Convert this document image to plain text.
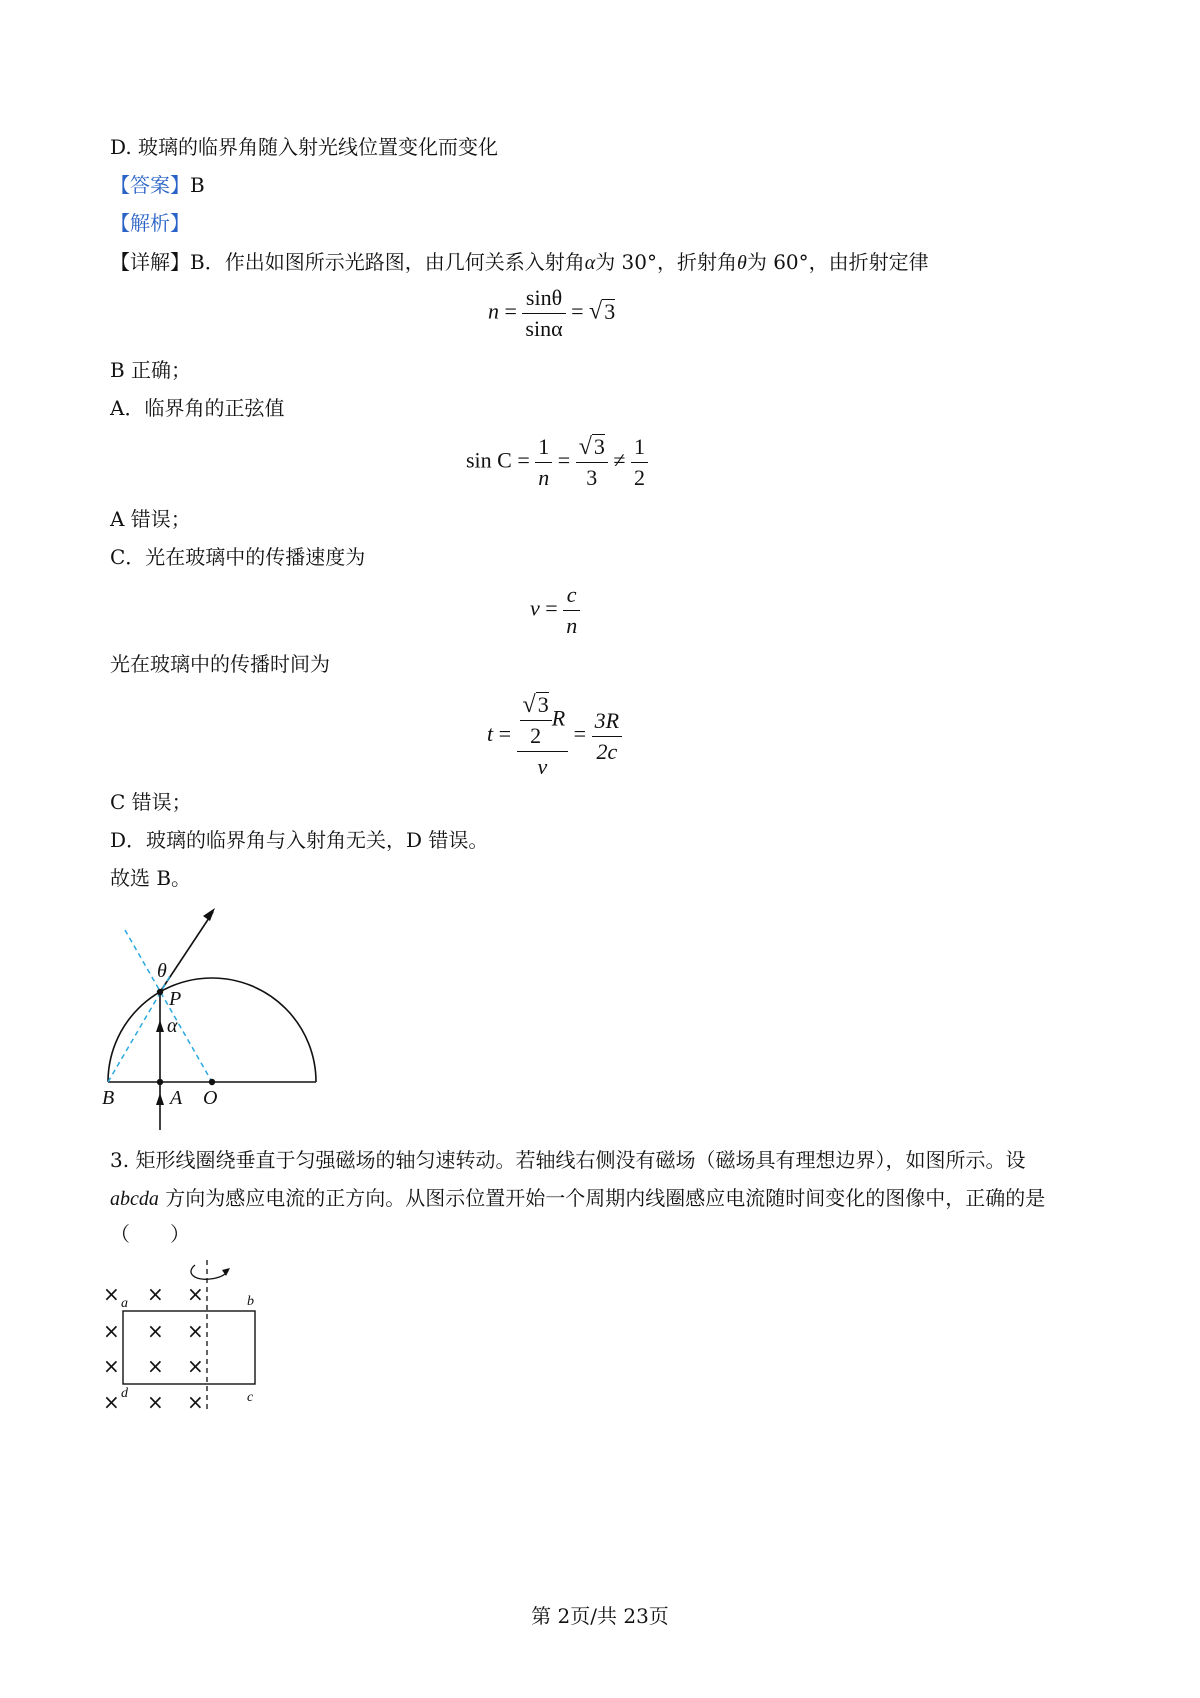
D. 玻璃的临界角随入射光线位置变化而变化
【答案】B
【解析】
【详解】B．作出如图所示光路图，由几何关系入射角α为 30°，折射角θ为 60°，由折射定律
$n = \frac{\sin\theta}{\sin\alpha} = √3$
B 正确；
A．临界角的正弦值
$\sin C = \frac{1}{n} = \frac{√3}{3} \ne \frac{1}{2}$
A 错误；
C．光在玻璃中的传播速度为
$v = \frac{c}{n}$
光在玻璃中的传播时间为
$t = \frac{\frac{√3}{2} R}{v} = \frac{3R}{2c}$
C 错误；
D．玻璃的临界角与入射角无关，D 错误。
故选 B。
θ
P
α
B	A O
3. 矩形线圈绕垂直于匀强磁场的轴匀速转动。若轴线右侧没有磁场（磁场具有理想边界），如图所示。设
abcda 方向为感应电流的正方向。从图示位置开始一个周期内线圈感应电流随时间变化的图像中，正确的是
（　　）
× × ×
× × ×
× × ×
× × ×
a	b
c
d
第 2页/共 23页
